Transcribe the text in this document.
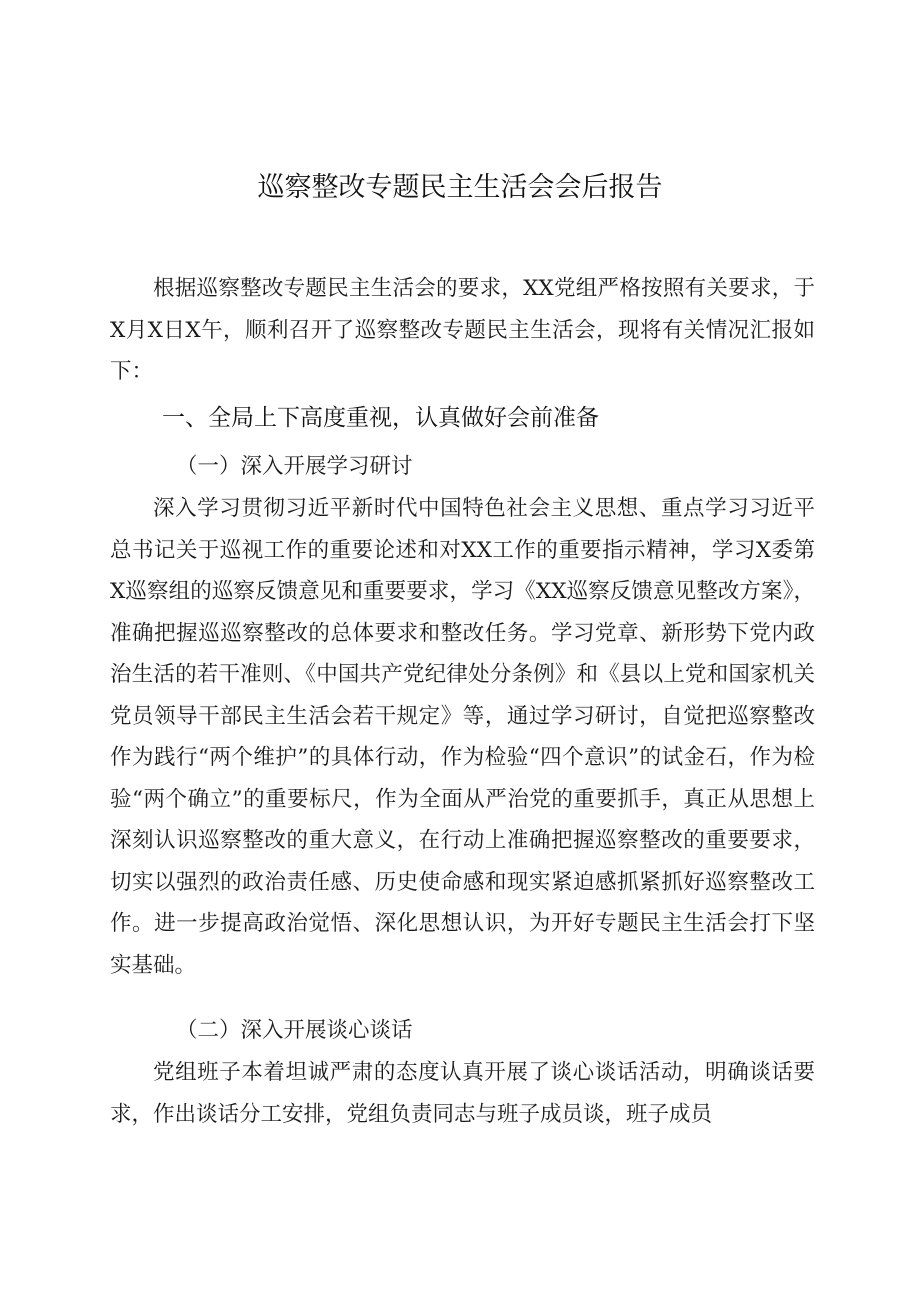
巡察整改专题民主生活会会后报告

根据巡察整改专题民主生活会的要求，XX党组严格按照有关要求，于X月X日X午，顺利召开了巡察整改专题民主生活会，现将有关情况汇报如下：

一、全局上下高度重视，认真做好会前准备
（一）深入开展学习研讨

深入学习贯彻习近平新时代中国特色社会主义思想、重点学习习近平总书记关于巡视工作的重要论述和对XX工作的重要指示精神，学习X委第X巡察组的巡察反馈意见和重要要求，学习《XX巡察反馈意见整改方案》，准确把握巡巡察整改的总体要求和整改任务。学习党章、新形势下党内政治生活的若干准则、《中国共产党纪律处分条例》和《县以上党和国家机关党员领导干部民主生活会若干规定》等，通过学习研讨，自觉把巡察整改作为践行“两个维护”的具体行动，作为检验“四个意识”的试金石，作为检验“两个确立”的重要标尺，作为全面从严治党的重要抓手，真正从思想上深刻认识巡察整改的重大意义，在行动上准确把握巡察整改的重要要求，切实以强烈的政治责任感、历史使命感和现实紧迫感抓紧抓好巡察整改工作。进一步提高政治觉悟、深化思想认识，为开好专题民主生活会打下坚实基础。

（二）深入开展谈心谈话

党组班子本着坦诚严肃的态度认真开展了谈心谈话活动，明确谈话要求，作出谈话分工安排，党组负责同志与班子成员谈，班子成员
